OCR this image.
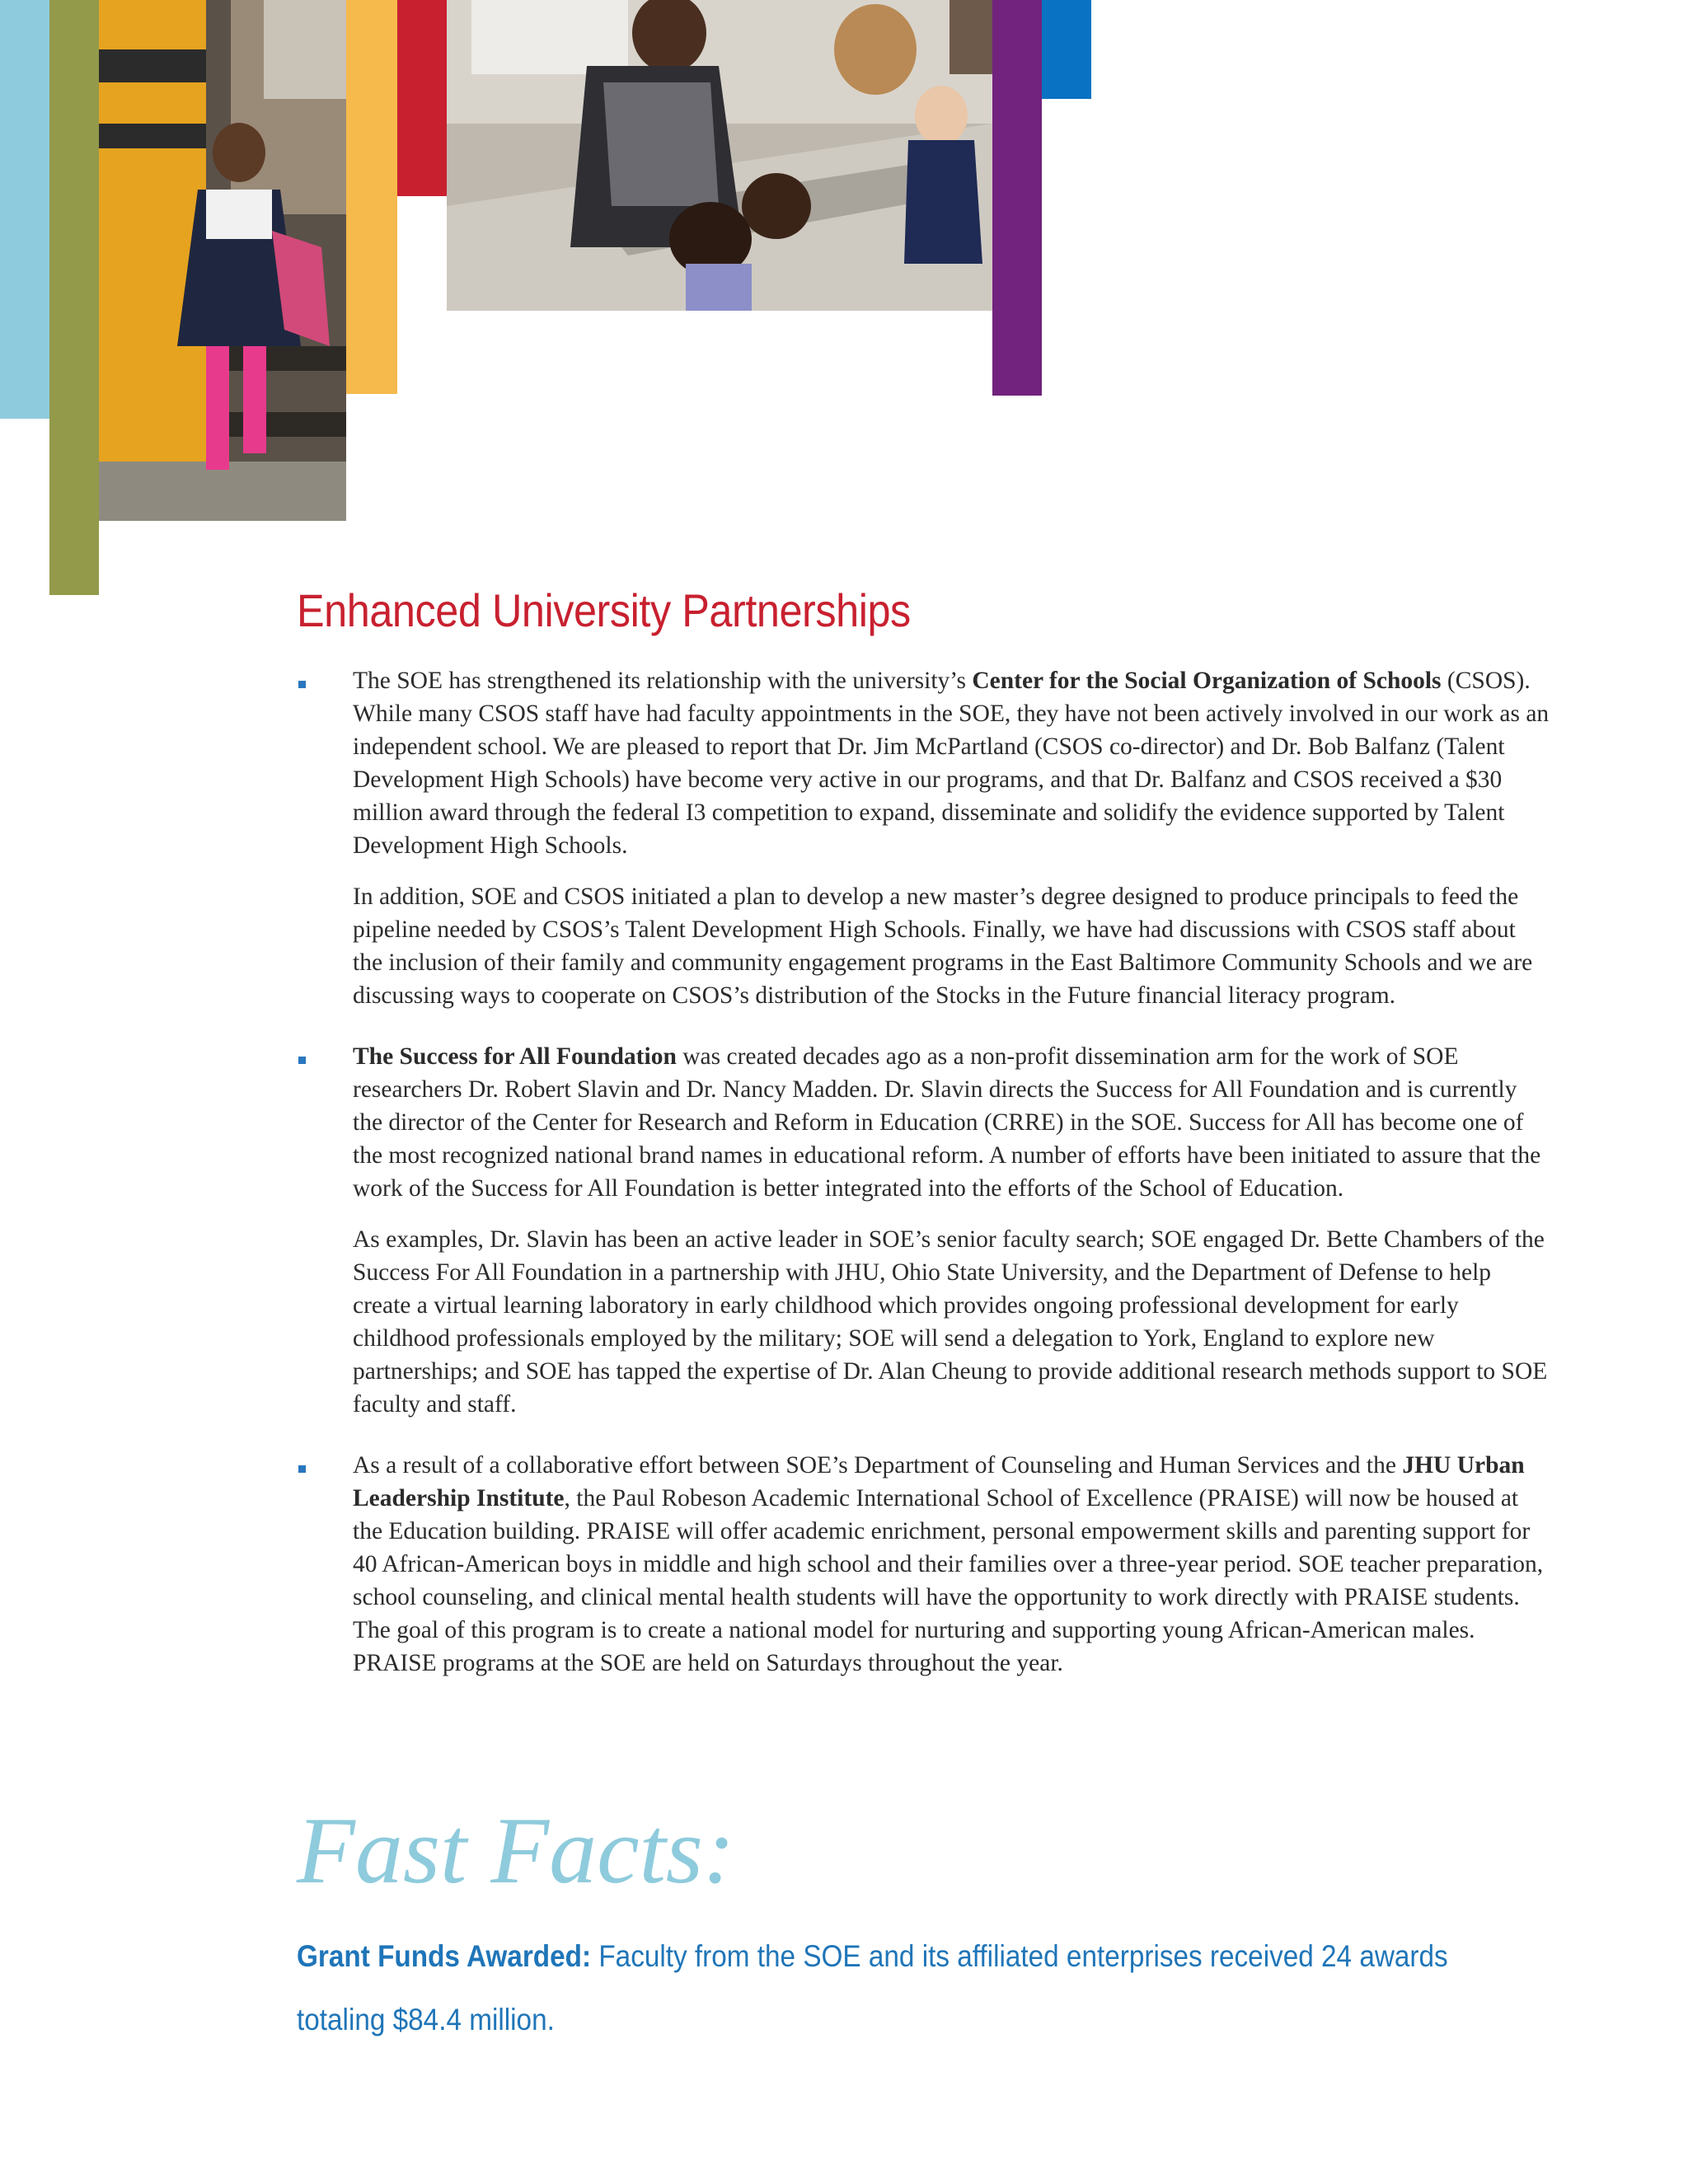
Enhanced University Partnerships

The SOE has strengthened its relationship with the university’s Center for the Social Organization of Schools (CSOS). While many CSOS staff have had faculty appointments in the SOE, they have not been actively involved in our work as an independent school. We are pleased to report that Dr. Jim McPartland (CSOS co-director) and Dr. Bob Balfanz (Talent Development High Schools) have become very active in our programs, and that Dr. Balfanz and CSOS received a $30 million award through the federal I3 competition to expand, disseminate and solidify the evidence supported by Talent Development High Schools.

In addition, SOE and CSOS initiated a plan to develop a new master’s degree designed to produce principals to feed the pipeline needed by CSOS’s Talent Development High Schools. Finally, we have had discussions with CSOS staff about the inclusion of their family and community engagement programs in the East Baltimore Community Schools and we are discussing ways to cooperate on CSOS’s distribution of the Stocks in the Future financial literacy program.

The Success for All Foundation was created decades ago as a non-profit dissemination arm for the work of SOE researchers Dr. Robert Slavin and Dr. Nancy Madden. Dr. Slavin directs the Success for All Foundation and is currently the director of the Center for Research and Reform in Education (CRRE) in the SOE. Success for All has become one of the most recognized national brand names in educational reform. A number of efforts have been initiated to assure that the work of the Success for All Foundation is better integrated into the efforts of the School of Education.

As examples, Dr. Slavin has been an active leader in SOE’s senior faculty search; SOE engaged Dr. Bette Chambers of the Success For All Foundation in a partnership with JHU, Ohio State University, and the Department of Defense to help create a virtual learning laboratory in early childhood which provides ongoing professional development for early childhood professionals employed by the military; SOE will send a delegation to York, England to explore new partnerships; and SOE has tapped the expertise of Dr. Alan Cheung to provide additional research methods support to SOE faculty and staff.

As a result of a collaborative effort between SOE’s Department of Counseling and Human Services and the JHU Urban Leadership Institute, the Paul Robeson Academic International School of Excellence (PRAISE) will now be housed at the Education building. PRAISE will offer academic enrichment, personal empowerment skills and parenting support for 40 African-American boys in middle and high school and their families over a three-year period. SOE teacher preparation, school counseling, and clinical mental health students will have the opportunity to work directly with PRAISE students. The goal of this program is to create a national model for nurturing and supporting young African-American males. PRAISE programs at the SOE are held on Saturdays throughout the year.

Fast Facts:

Grant Funds Awarded: Faculty from the SOE and its affiliated enterprises received 24 awards totaling $84.4 million.
